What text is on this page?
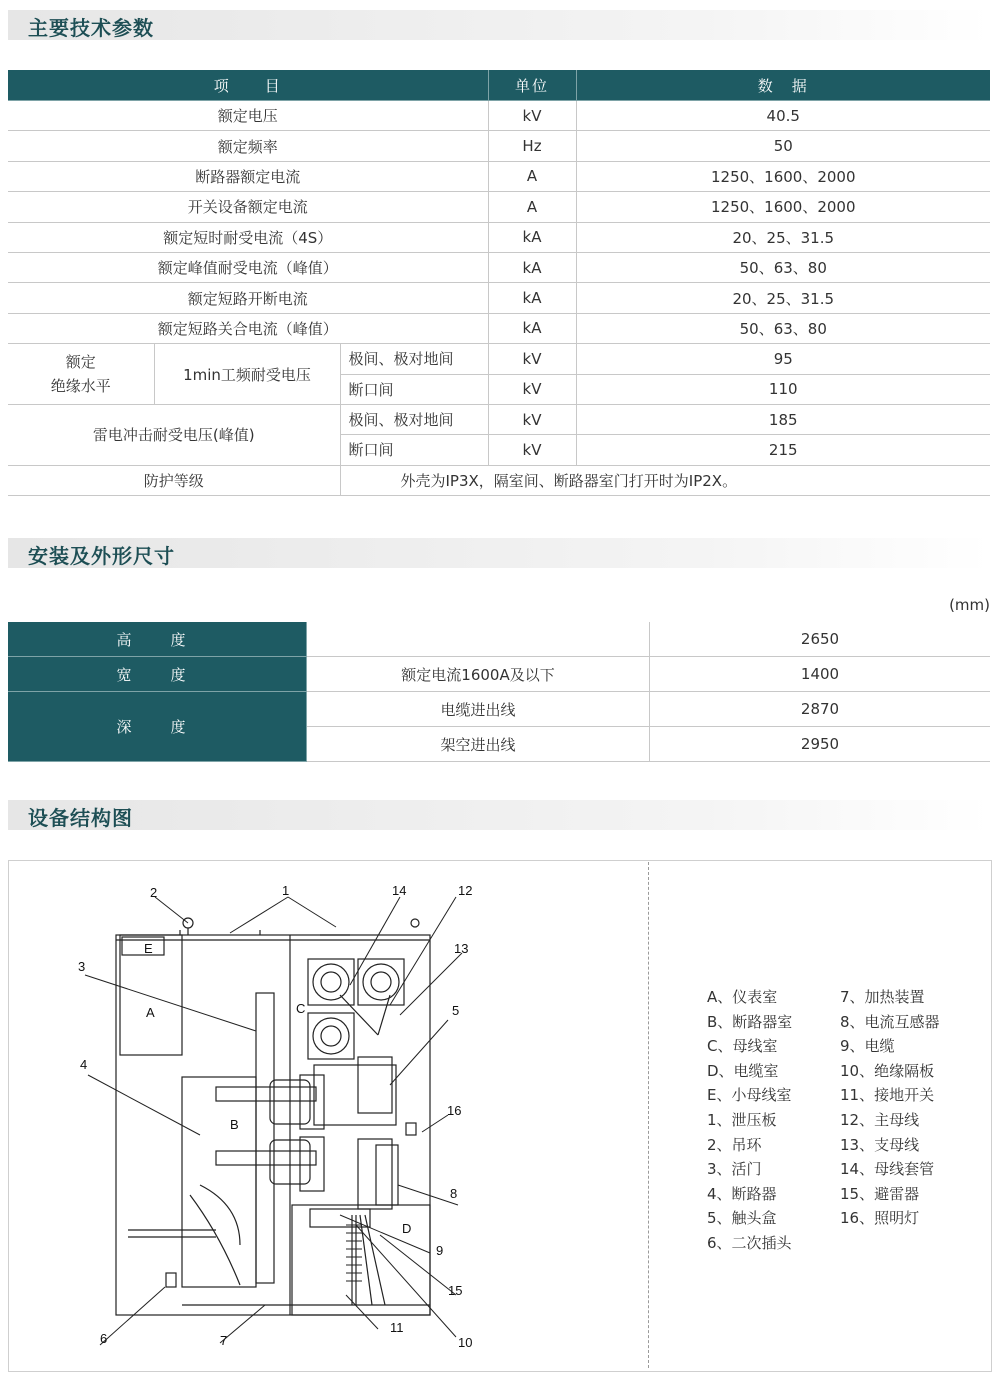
主要技术参数
项　　目			单位	数　据
额定电压			kV	40.5
额定频率			Hz	50
断路器额定电流			A	1250、1600、2000
开关设备额定电流			A	1250、1600、2000
额定短时耐受电流（4S）			kA	20、25、31.5
额定峰值耐受电流（峰值）			kA	50、63、80
额定短路开断电流			kA	20、25、31.5
额定短路关合电流（峰值）			kA	50、63、80

额定
绝缘水平	1min工频耐受电压	极间、极对地间	kV	95
		断口间	kV	110
雷电冲击耐受电压(峰值)		极间、极对地间	kV	185
		断口间	kV	215
防护等级		外壳为IP3X，隔室间、断路器室门打开时为IP2X。		
安装及外形尺寸
(mm)
高　度		2650
宽　度	额定电流1600A及以下	1400
深　度	电缆进出线	2870
	架空进出线	2950
设备结构图
2	1	14	12
13
3
5
4
16
8
9
15
11
10
7
6
E
A
B
C
D
A、仪表室
B、断路器室
C、母线室
D、电缆室
E、小母线室
1、泄压板
2、吊环
3、活门
4、断路器
5、触头盒
6、二次插头
7、加热装置
8、电流互感器
9、电缆
10、绝缘隔板
11、接地开关
12、主母线
13、支母线
14、母线套管
15、避雷器
16、照明灯
